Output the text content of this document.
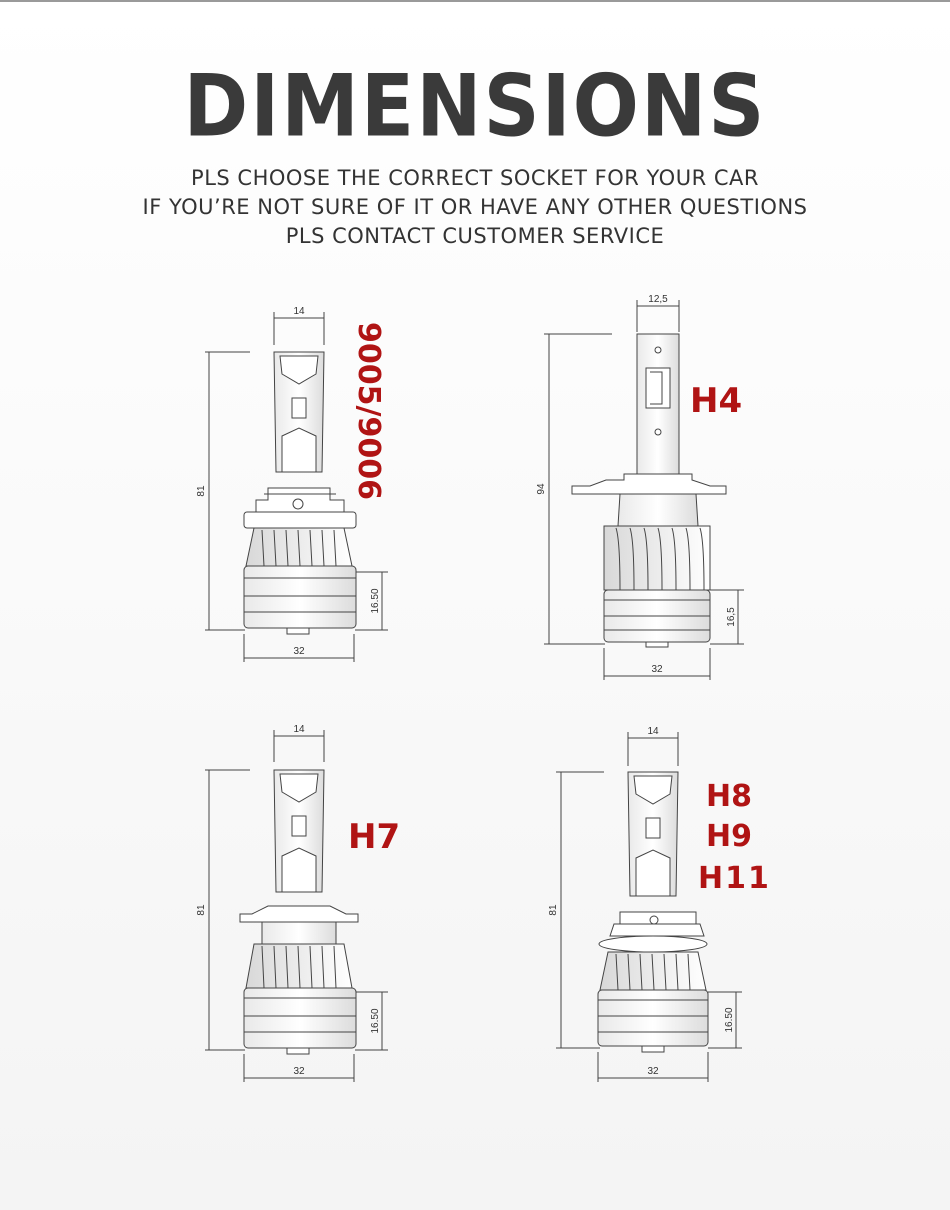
DIMENSIONS
PLS CHOOSE THE CORRECT SOCKET FOR YOUR CAR
IF YOU’RE NOT SURE OF IT OR HAVE ANY OTHER QUESTIONS
PLS CONTACT CUSTOMER SERVICE
14
81
16.50
32
12,5
94
16,5
32
14
81
16.50
32
14
81
16.50
32
9005/9006	H4
H7
H8
H9
H11
